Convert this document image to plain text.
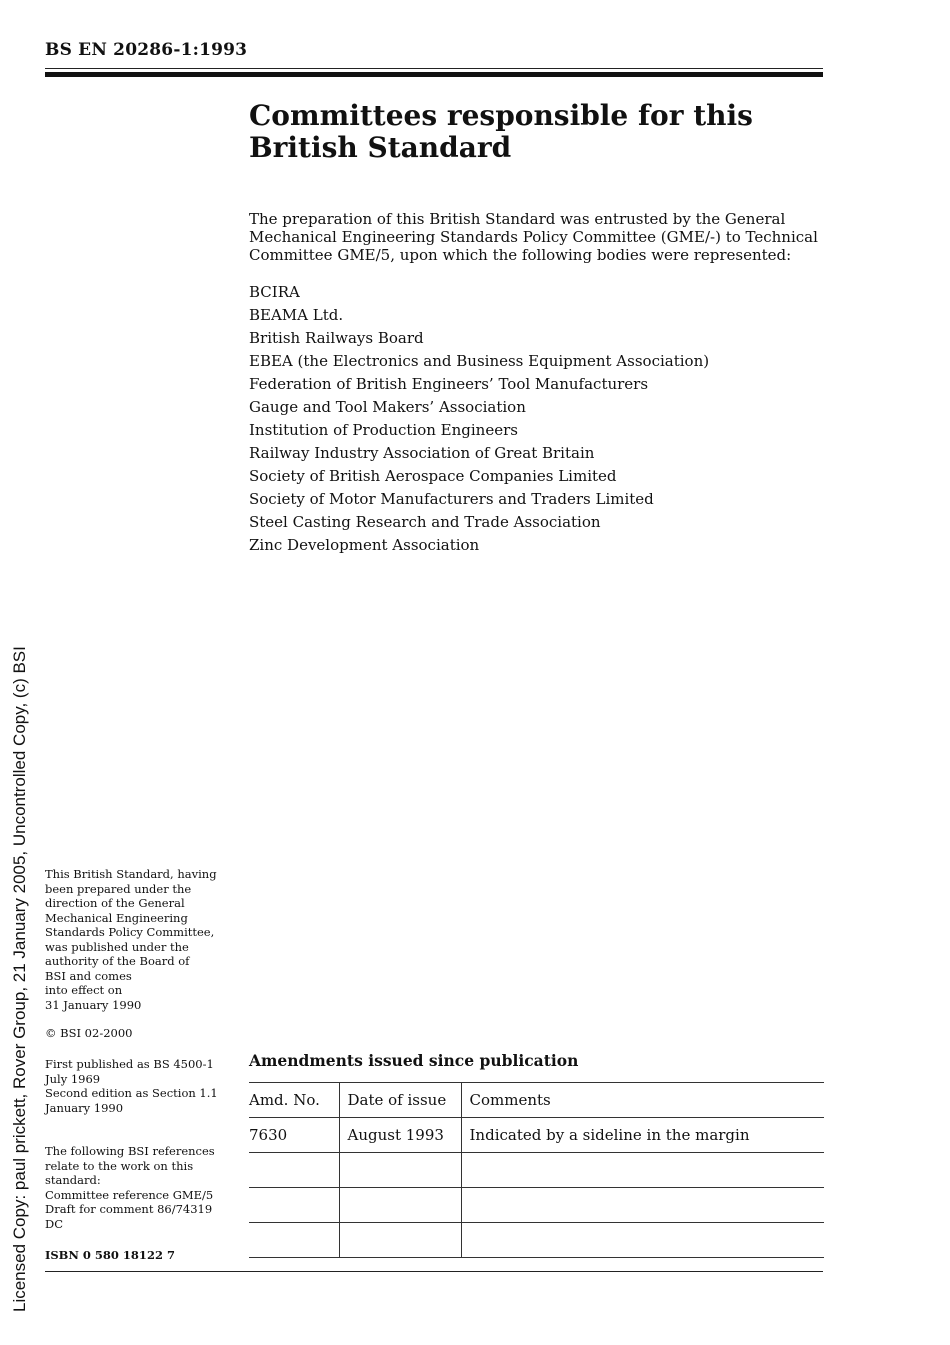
BS EN 20286-1:1993
Committees responsible for this
British Standard

The preparation of this British Standard was entrusted by the General Mechanical Engineering Standards Policy Committee (GME/-) to Technical Committee GME/5, upon which the following bodies were represented:

BCIRA
BEAMA Ltd.
British Railways Board
EBEA (the Electronics and Business Equipment Association)
Federation of British Engineers’ Tool Manufacturers
Gauge and Tool Makers’ Association
Institution of Production Engineers
Railway Industry Association of Great Britain
Society of British Aerospace Companies Limited
Society of Motor Manufacturers and Traders Limited
Steel Casting Research and Trade Association
Zinc Development Association

This British Standard, having
been prepared under the
direction of the General
Mechanical Engineering
Standards Policy Committee,
was published under the
authority of the Board of
BSI and comes
into effect on
31 January 1990

© BSI 02-2000

First published as BS 4500-1
July 1969
Second edition as Section 1.1
January 1990

The following BSI references
relate to the work on this
standard:
Committee reference GME/5
Draft for comment 86/74319 DC

ISBN 0 580 18122 7

Amendments issued since publication
Amd. No.	Date of issue	Comments
7630	August 1993	Indicated by a sideline in the margin

Licensed Copy: paul prickett, Rover Group, 21 January 2005, Uncontrolled Copy, (c) BSI
